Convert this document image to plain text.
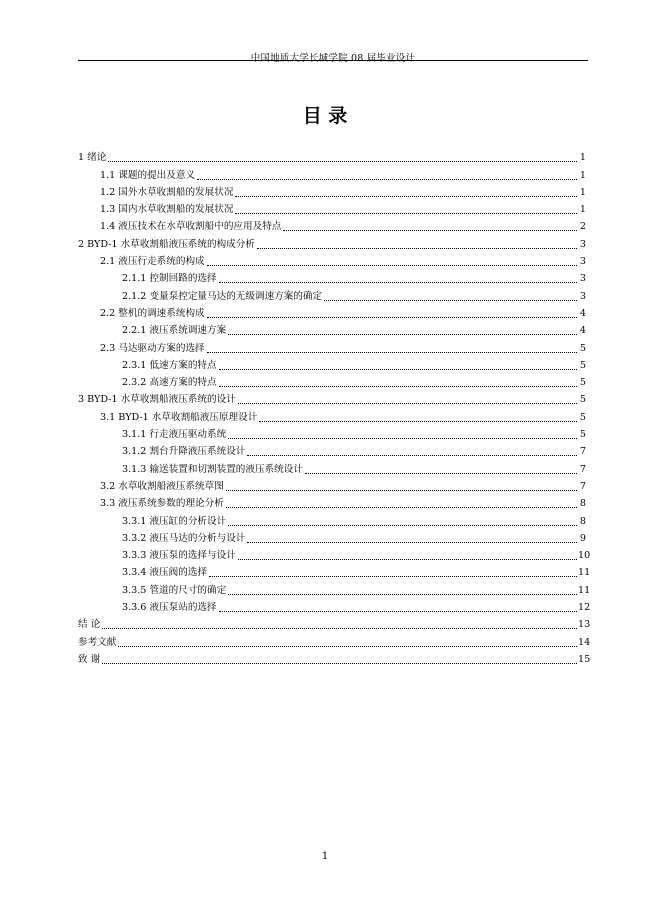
中国地质大学长城学院 08 届毕业设计
目 录
1 绪论	1
1.1 课题的提出及意义	1
1.2 国外水草收割船的发展状况	1
1.3 国内水草收割船的发展状况	1
1.4 液压技术在水草收割船中的应用及特点	2
2 BYD-1 水草收割船液压系统的构成分析	3
2.1 液压行走系统的构成	3
2.1.1 控制回路的选择	3
2.1.2 变量泵控定量马达的无级调速方案的确定	3
2.2 整机的调速系统构成	4
2.2.1 液压系统调速方案	4
2.3 马达驱动方案的选择	5
2.3.1 低速方案的特点	5
2.3.2 高速方案的特点	5
3 BYD-1 水草收割船液压系统的设计	5
3.1 BYD-1 水草收割船液压原理设计	5
3.1.1 行走液压驱动系统	5
3.1.2 割台升降液压系统设计	7
3.1.3 输送装置和切割装置的液压系统设计	7
3.2 水草收割船液压系统草图	7
3.3 液压系统参数的理论分析	8
3.3.1 液压缸的分析设计	8
3.3.2 液压马达的分析与设计	9
3.3.3 液压泵的选择与设计	10
3.3.4 液压阀的选择	11
3.3.5 管道的尺寸的确定	11
3.3.6 液压泵站的选择	12
结 论	13
参考文献	14
致 谢	15
1
